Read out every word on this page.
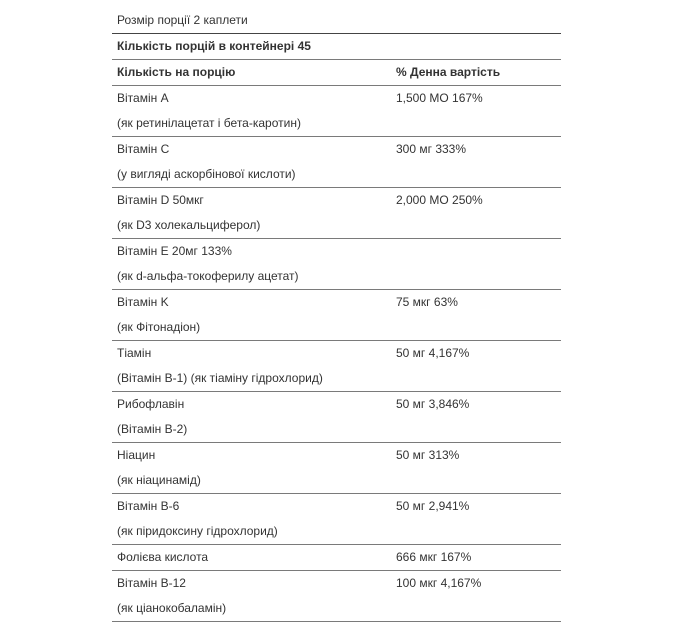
Розмір порції 2 каплети
Кількість порцій в контейнері 45
Кількість на порцію	% Денна вартість
Вітамін A	1,500 МО 167%
(як ретинілацетат і бета-каротин)
Вітамін C	300 мг 333%
(у вигляді аскорбінової кислоти)
Вітамін D 50мкг	2,000 МО 250%
(як D3 холекальциферол)
Вітамін E 20мг 133%
(як d-альфа-токоферилу ацетат)
Вітамін K	75 мкг 63%
(як Фітонадіон)
Тіамін	50 мг 4,167%
(Вітамін B-1) (як тіаміну гідрохлорид)
Рибофлавін	50 мг 3,846%
(Вітамін B-2)
Ніацин	50 мг 313%
(як ніацинамід)
Вітамін B-6	50 мг 2,941%
(як піридоксину гідрохлорид)
Фолієва кислота	666 мкг 167%
Вітамін B-12	100 мкг 4,167%
(як ціанокобаламін)
